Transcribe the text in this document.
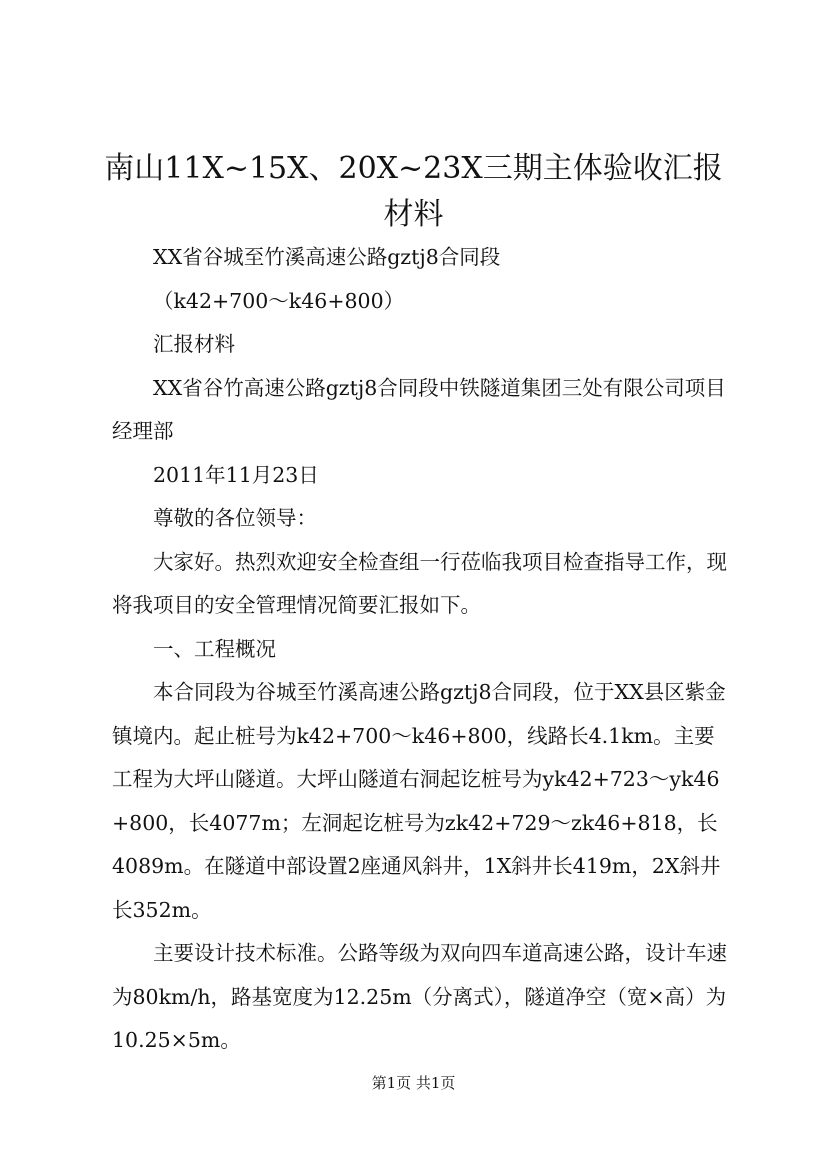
南山11X~15X、20X~23X三期主体验收汇报材料

XX省谷城至竹溪高速公路gztj8合同段

（k42+700～k46+800）

汇报材料

XX省谷竹高速公路gztj8合同段中铁隧道集团三处有限公司项目经理部

2011年11月23日

尊敬的各位领导：

大家好。热烈欢迎安全检查组一行莅临我项目检查指导工作，现将我项目的安全管理情况简要汇报如下。

一、工程概况

本合同段为谷城至竹溪高速公路gztj8合同段，位于XX县区紫金镇境内。起止桩号为k42+700～k46+800，线路长4.1km。主要工程为大坪山隧道。大坪山隧道右洞起讫桩号为yk42+723～yk46+800，长4077m；左洞起讫桩号为zk42+729～zk46+818，长4089m。在隧道中部设置2座通风斜井，1X斜井长419m，2X斜井长352m。

主要设计技术标准。公路等级为双向四车道高速公路，设计车速为80km/h，路基宽度为12.25m（分离式），隧道净空（宽×高）为10.25×5m。

第1页 共1页
